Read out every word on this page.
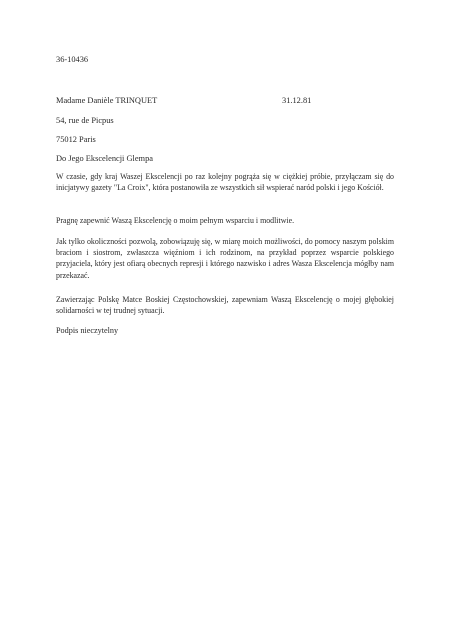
36-10436
Madame Danièle TRINQUET	31.12.81
54, rue de Picpus
75012 Paris
Do Jego Ekscelencji Glempa

W czasie, gdy kraj Waszej Ekscelencji po raz kolejny pogrąża się w ciężkiej próbie, przyłączam się do inicjatywy gazety "La Croix", która postanowiła ze wszystkich sił wspierać naród polski i jego Kościół.

Pragnę zapewnić Waszą Ekscelencję o moim pełnym wsparciu i modlitwie.

Jak tylko okoliczności pozwolą, zobowiązuję się, w miarę moich możliwości, do pomocy naszym polskim braciom i siostrom, zwłaszcza więźniom i ich rodzinom, na przykład poprzez wsparcie polskiego przyjaciela, który jest ofiarą obecnych represji i którego nazwisko i adres Wasza Ekscelencja mógłby nam przekazać.

Zawierzając Polskę Matce Boskiej Częstochowskiej, zapewniam Waszą Ekscelencję o mojej głębokiej solidarności w tej trudnej sytuacji.

Podpis nieczytelny
